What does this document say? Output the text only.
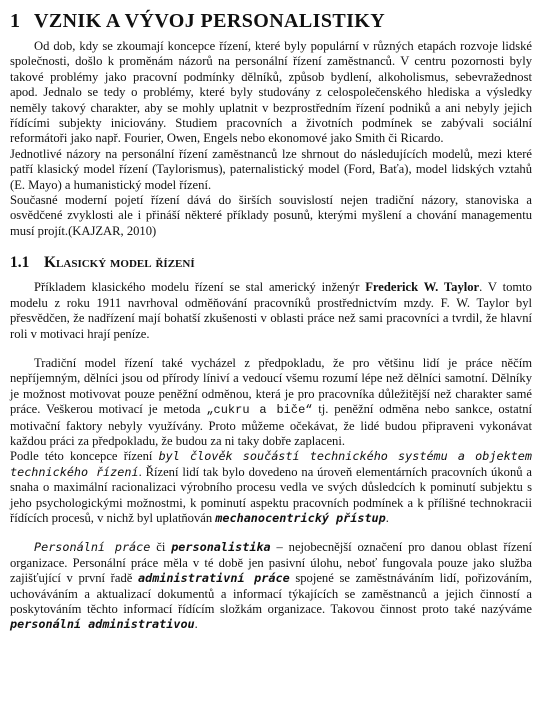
1 VZNIK A VÝVOJ PERSONALISTIKY

Od dob, kdy se zkoumají koncepce řízení, které byly populární v různých etapách rozvoje lidské společnosti, došlo k proměnám názorů na personální řízení zaměstnanců. V centru pozornosti byly takové problémy jako pracovní podmínky dělníků, způsob bydlení, alkoholismus, sebevražednost apod. Jednalo se tedy o problémy, které byly studovány z celospolečenského hlediska a výsledky neměly takový charakter, aby se mohly uplatnit v bezprostředním řízení podniků a ani nebyly jejich řídícími subjekty iniciovány. Studiem pracovních a životních podmínek se zabývali sociální reformátoři jako např. Fourier, Owen, Engels nebo ekonomové jako Smith či Ricardo.

Jednotlivé názory na personální řízení zaměstnanců lze shrnout do následujících modelů, mezi které patří klasický model řízení (Taylorismus), paternalistický model (Ford, Baťa), model lidských vztahů (E. Mayo) a humanistický model řízení.

Současné moderní pojetí řízení dává do širších souvislostí nejen tradiční názory, stanoviska a osvědčené zvyklosti ale i přináší některé příklady posunů, kterými myšlení a chování managementu musí projít.(KAJZAR, 2010)

1.1 Klasický model řízení

Příkladem klasického modelu řízení se stal americký inženýr Frederick W. Taylor. V tomto modelu z roku 1911 navrhoval odměňování pracovníků prostřednictvím mzdy. F. W. Taylor byl přesvědčen, že nadřízení mají bohatší zkušenosti v oblasti práce než sami pracovníci a tvrdil, že hlavní roli v motivaci hrají peníze.

Tradiční model řízení také vycházel z předpokladu, že pro většinu lidí je práce něčím nepříjemným, dělníci jsou od přírody líniví a vedoucí všemu rozumí lépe než dělníci samotní. Dělníky je možnost motivovat pouze peněžní odměnou, která je pro pracovníka důležitější než charakter samé práce. Veškerou motivací je metoda „cukru a biče“ tj. peněžní odměna nebo sankce, ostatní motivační faktory nebyly využívány. Proto můžeme očekávat, že lidé budou připraveni vykonávat každou práci za předpokladu, že budou za ni taky dobře zaplaceni.

Podle této koncepce řízení byl člověk součástí technického systému a objektem technického řízení. Řízení lidí tak bylo dovedeno na úroveň elementárních pracovních úkonů a snaha o maximální racionalizaci výrobního procesu vedla ve svých důsledcích k pominutí subjektu s jeho psychologickými možnostmi, k pominutí aspektu pracovních podmínek a k přílišné technokracii řídících procesů, v nichž byl uplatňován mechanocentrický přístup.

Personální práce či personalistika – nejobecnější označení pro danou oblast řízení organizace. Personální práce měla v té době jen pasivní úlohu, neboť fungovala pouze jako služba zajišťující v první řadě administrativní práce spojené se zaměstnáváním lidí, pořizováním, uchováváním a aktualizací dokumentů a informací týkajících se zaměstnanců a jejich činností a poskytováním těchto informací řídícím složkám organizace. Takovou činnost proto také nazýváme personální administrativou.
